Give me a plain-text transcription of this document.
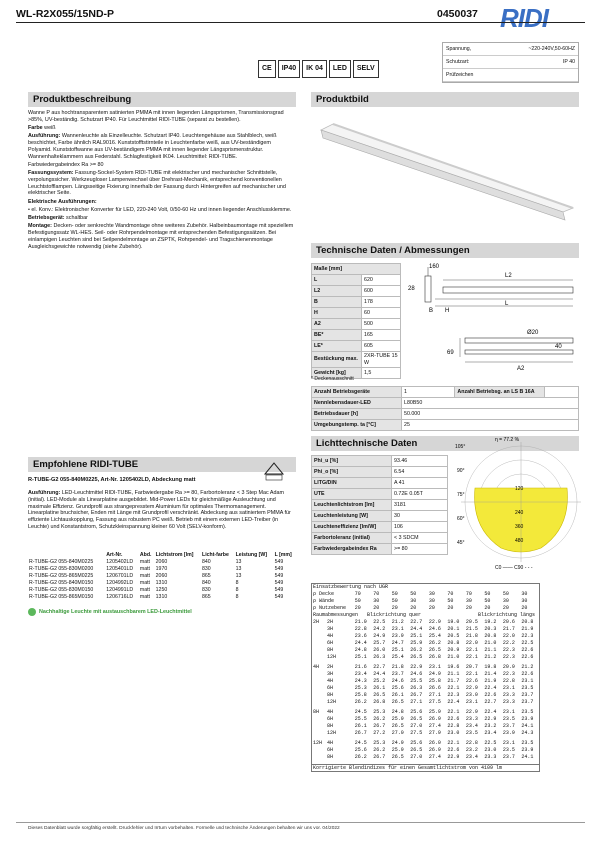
WL-R2X055/15ND-P	0450037 RIDI
Spannung,	~220-240V,50-60HZ
Schutzart:	IP 40
Prüfzeichen
CE	IP40	IK 04	LED	SELV
Produktbeschreibung	Produktbild

Wanne P aus hochtransparentem satinierten PMMA mit innen liegenden Längsprismen, Transmissionsgrad >85%, UV-beständig. Schutzart IP40. Für Leuchtmittel RIDI-TUBE (separat zu bestellen).

Farbe weiß

Ausführung: Wannenleuchte als Einzelleuchte. Schutzart IP40. Leuchtengehäuse aus Stahlblech, weiß beschichtet, Farbe ähnlich RAL9016. Kunststofftstirnteile in Leuchtenfarbe weiß, aus UV-beständigem Polyamid. Kunststoffwanne aus UV-beständigem PMMA mit innen liegender Längsprismenstruktur. Wannenhalteklammern aus Federstahl. Schlagfestigkeit IK04. Leuchtmittel: RIDI-TUBE.

Farbwiedergabeindex Ra >= 80

Fassungssystem: Fassung-Sockel-System RIDI-TUBE mit elektrischer und mechanischer Schnittstelle, verpolungssicher. Werkzeugloser Lampenwechsel über Drehrast-Mechanik, entsprechend konventionellen Leuchtstofflampen. Längsseitige Fixierung innerhalb der Fassung durch Hintergreifen auf mechanischer und elektrischer Seite.

Elektrische Ausführungen:

• el. Konv.: Elektronischer Konverter für LED, 220-240 Volt, 0/50-60 Hz und innen liegender Anschlussklemme.

Betriebsgerät: schaltbar

Montage: Decken- oder senkrechte Wandmontage ohne weiteres Zubehör. Halbeinbaumontage mit speziellem Befestigungssatz WL-HES. Seil- oder Rohrpendelmontage mit entsprechenden Befestigungssätzen. Bei einlampigen Leuchten sind bei Seilpendelmontage an ZSPTK, Rohrpendel- und Tragschienenmontage Ausgleichsgewichte notwendig (siehe Zubehör).	Technische Daten / Abmessungen
Maße [mm]	
L	620
L2	600
B	178
H	60
A2	500
BE*	165
LE*	605
Bestückung max.	2XR-TUBE 15 W
Gewicht [kg]	1,5
* Deckenausschnitt
160
L2
28
B
L
H
Ø20
40
A2
69
Anzahl Betriebsgeräte	1	Anzahl Betriebsg. an LS B 16A	
Nennlebensdauer-LED	L80B50		
Betriebsdauer [h]	50.000		
Umgebungstemp. ta [°C]	25		
Lichttechnische Daten
Phi_u [%]	93.46
Phi_o [%]	6.54
LITG/DIN	A 41
UTE	0.72E 0.05T
Leuchtenlichtstrom [lm]	3181
Leuchtenleistung [W]	30
Leuchteneffizienz [lm/W]	106
Farbortoleranz (initial)	< 3 SDCM
Farbwiedergabeindex Ra	>= 80
η = 77.2 %
120
240
360
480
105°
90°
75°
60°
45°
C0 —— C90 - - -
Empfohlene RIDI-TUBE
R-TUBE-G2 055-840M0225, Art-Nr. 1205402LD, Abdeckung matt
Ausführung: LED-Leuchtmittel RIDI-TUBE, Farbwiedergabe Ra >= 80, Farbortoleranz < 3 Step Mac Adam (initial). LED-Module als Linearplatine ausgebildet. Mid-Power LEDs für gleichmäßige Ausleuchtung und maximale Effizienz. Grundprofil aus strangepresstem Aluminium für optimales Thermomanagement. Linearplatine bruchsicher, Enden mit Länge mit Grundprofil verschränkt. Abdeckung aus satiniertem PMMA für effiziente Lichtauskopplung, Fassung aus robustem PC weiß. Betrieb mit einem externen LED-Treiber (in Leuchte) und Konstantstrom, Schutzkleinspannung kleiner 60 Volt (SELV-konform).
	Art-Nr.	Abd.	Lichtstrom [lm]	Licht-farbe	Leistung [W]	L [mm]
R-TUBE-G2 055-840M0225	1205402LD	matt	2060	840	13	549
R-TUBE-G2 055-830M0200	1205401LD	matt	1970	830	13	549
R-TUBE-G2 055-865M0225	1206701LD	matt	2060	865	13	549
R-TUBE-G2 055-840M0150	1204992LD	matt	1310	840	8	549
R-TUBE-G2 055-830M0150	1204991LD	matt	1250	830	8	549
R-TUBE-G2 055-865M0150	1206716LD	matt	1310	865	8	549
Nachhaltige Leuchte mit austauschbarem LED-Leuchtmittel
Einsatzbewertung nach UGR											
ρ Decke		70	70	50	50	30	70	70	50	50	30
ρ Wände		50	30	50	30	30	50	30	50	30	30
ρ Nutzebene		20	20	20	20	20	20	20	20	20	20
Raumabmessungen   Blickrichtung quer                   Blickrichtung längs											
2H	2H	21.0	22.5	21.2	22.7	22.9	19.0	20.5	19.2	20.6	20.8
	3H	22.8	24.2	23.1	24.4	24.6	20.1	21.5	20.3	21.7	21.9
	4H	23.6	24.9	23.9	25.1	25.4	20.5	21.8	20.8	22.0	22.3
	6H	24.4	25.7	24.7	25.9	26.2	20.8	22.0	21.0	22.2	22.5
	8H	24.8	26.0	25.1	26.2	26.5	20.9	22.1	21.1	22.3	22.6
	12H	25.1	26.3	25.4	26.5	26.8	21.0	22.1	21.2	22.3	22.6

4H	2H	21.6	22.7	21.8	22.9	23.1	19.6	20.7	19.8	20.9	21.2
	3H	23.4	24.4	23.7	24.6	24.9	21.1	22.1	21.4	22.3	22.6
	4H	24.3	25.2	24.6	25.5	25.8	21.7	22.6	21.9	22.8	23.1
	6H	25.3	26.1	25.6	26.3	26.6	22.1	22.9	22.4	23.1	23.5
	8H	25.8	26.5	26.1	26.7	27.1	22.3	23.0	22.6	23.3	23.7
	12H	26.2	26.8	26.5	27.1	27.5	22.4	23.1	22.7	23.3	23.7

8H	4H	24.5	25.3	24.8	25.6	25.9	22.1	22.9	22.4	23.1	23.5
	6H	25.5	26.2	25.9	26.5	26.9	22.6	23.3	22.9	23.5	23.9
	8H	26.1	26.7	26.5	27.0	27.4	22.8	23.4	23.2	23.7	24.1
	12H	26.7	27.2	27.0	27.5	27.9	23.0	23.5	23.4	23.9	24.3

12H	4H	24.5	25.3	24.9	25.6	26.0	22.1	22.8	22.5	23.1	23.5
	6H	25.6	26.2	25.9	26.5	26.9	22.6	23.2	23.0	23.5	23.9
	8H	26.2	26.7	26.5	27.0	27.4	22.9	23.4	23.3	23.7	24.1

Korrigierte Blendindizes für einen Gesamtlichtstrom von 4109 lm											
Dieses Datenblatt wurde sorgfältig erstellt. Druckfehler und Irrtum vorbehalten. Formelle und technische Änderungen behalten wir uns vor. 04/2022
